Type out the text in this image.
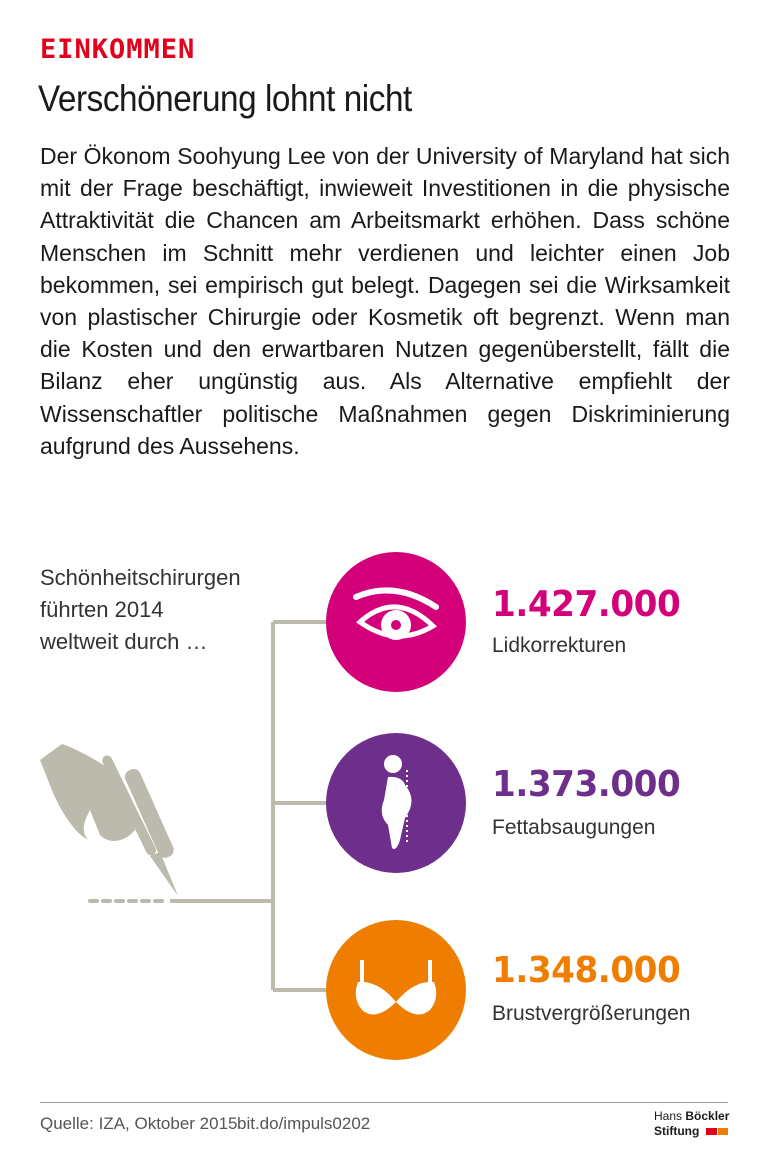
EINKOMMEN
Verschönerung lohnt nicht
Der Ökonom Soohyung Lee von der University of Maryland hat sich mit der Frage beschäftigt, inwieweit Investitionen in die physische Attraktivität die Chancen am Arbeitsmarkt erhöhen. Dass schöne Menschen im Schnitt mehr verdienen und leichter einen Job bekommen, sei empirisch gut belegt. Dagegen sei die Wirksamkeit von plastischer Chirurgie oder Kosmetik oft begrenzt. Wenn man die Kosten und den erwartbaren Nutzen gegenüberstellt, fällt die Bilanz eher ungünstig aus. Als Alternative empfiehlt der Wissenschaftler politische Maßnahmen gegen Diskriminierung aufgrund des Aussehens.
Schönheitschirurgen
führten 2014
weltweit durch …
1.427.000
Lidkorrekturen
1.373.000
Fettabsaugungen
1.348.000
Brustvergrößerungen
Quelle: IZA, Oktober 2015 bit.do/impuls0202	Hans Böckler
Stiftung
